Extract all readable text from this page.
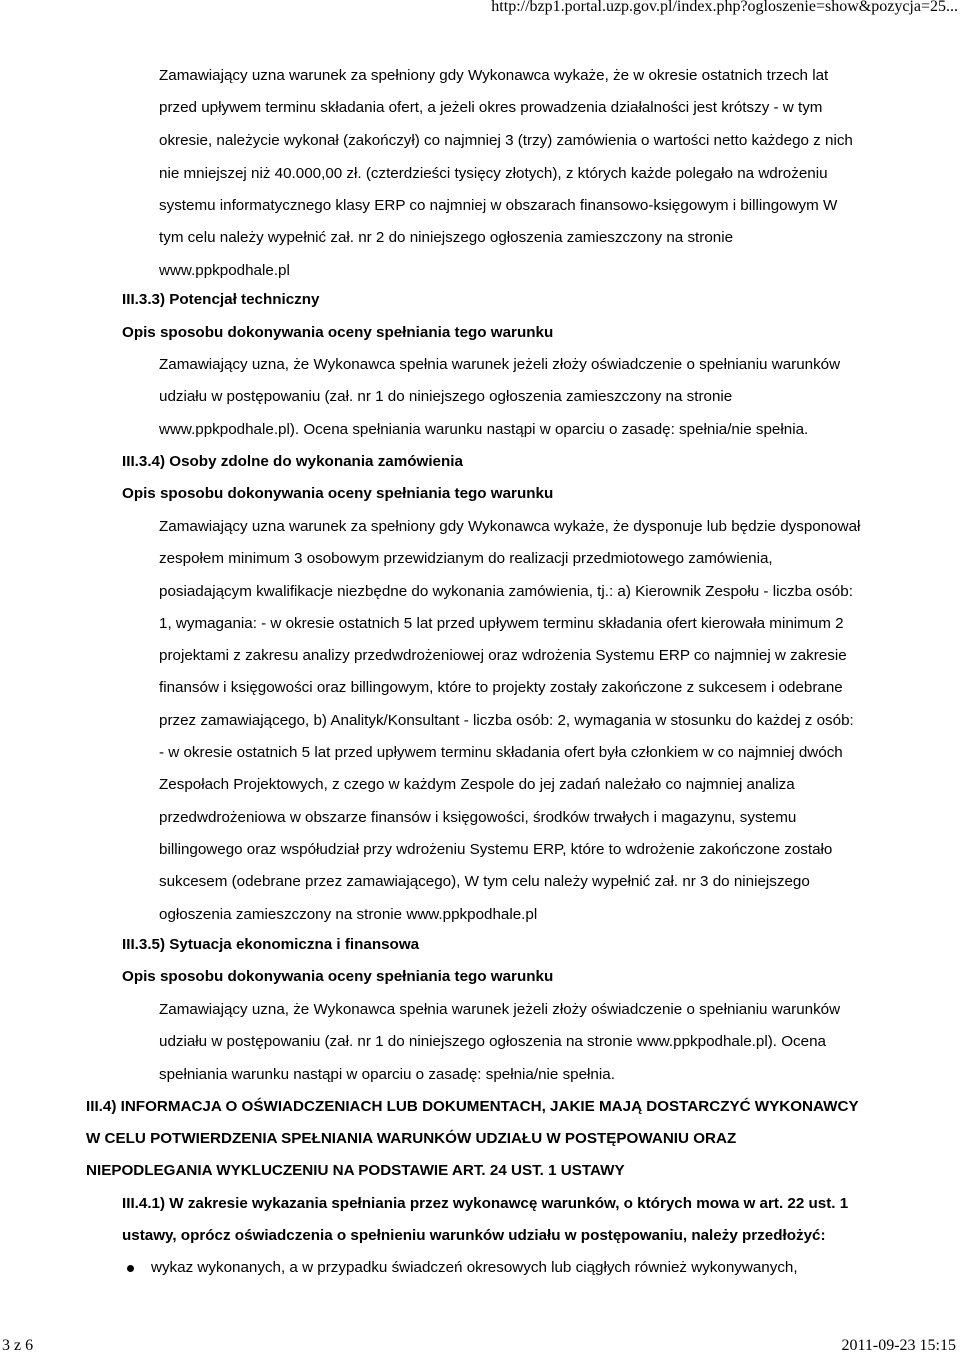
http://bzp1.portal.uzp.gov.pl/index.php?ogloszenie=show&pozycja=25...
Zamawiający uzna warunek za spełniony gdy Wykonawca wykaże, że w okresie ostatnich trzech lat
przed upływem terminu składania ofert, a jeżeli okres prowadzenia działalności jest krótszy - w tym
okresie, należycie wykonał (zakończył) co najmniej 3 (trzy) zamówienia o wartości netto każdego z nich
nie mniejszej niż 40.000,00 zł. (czterdzieści tysięcy złotych), z których każde polegało na wdrożeniu
systemu informatycznego klasy ERP co najmniej w obszarach finansowo-księgowym i billingowym W
tym celu należy wypełnić zał. nr 2 do niniejszego ogłoszenia zamieszczony na stronie
www.ppkpodhale.pl
III.3.3) Potencjał techniczny
Opis sposobu dokonywania oceny spełniania tego warunku
Zamawiający uzna, że Wykonawca spełnia warunek jeżeli złoży oświadczenie o spełnianiu warunków
udziału w postępowaniu (zał. nr 1 do niniejszego ogłoszenia zamieszczony na stronie
www.ppkpodhale.pl). Ocena spełniania warunku nastąpi w oparciu o zasadę: spełnia/nie spełnia.
III.3.4) Osoby zdolne do wykonania zamówienia
Opis sposobu dokonywania oceny spełniania tego warunku
Zamawiający uzna warunek za spełniony gdy Wykonawca wykaże, że dysponuje lub będzie dysponował
zespołem minimum 3 osobowym przewidzianym do realizacji przedmiotowego zamówienia,
posiadającym kwalifikacje niezbędne do wykonania zamówienia, tj.: a) Kierownik Zespołu - liczba osób:
1, wymagania: - w okresie ostatnich 5 lat przed upływem terminu składania ofert kierowała minimum 2
projektami z zakresu analizy przedwdrożeniowej oraz wdrożenia Systemu ERP co najmniej w zakresie
finansów i księgowości oraz billingowym, które to projekty zostały zakończone z sukcesem i odebrane
przez zamawiającego, b) Analityk/Konsultant - liczba osób: 2, wymagania w stosunku do każdej z osób:
- w okresie ostatnich 5 lat przed upływem terminu składania ofert była członkiem w co najmniej dwóch
Zespołach Projektowych, z czego w każdym Zespole do jej zadań należało co najmniej analiza
przedwdrożeniowa w obszarze finansów i księgowości, środków trwałych i magazynu, systemu
billingowego oraz współudział przy wdrożeniu Systemu ERP, które to wdrożenie zakończone zostało
sukcesem (odebrane przez zamawiającego), W tym celu należy wypełnić zał. nr 3 do niniejszego
ogłoszenia zamieszczony na stronie www.ppkpodhale.pl
III.3.5) Sytuacja ekonomiczna i finansowa
Opis sposobu dokonywania oceny spełniania tego warunku
Zamawiający uzna, że Wykonawca spełnia warunek jeżeli złoży oświadczenie o spełnianiu warunków
udziału w postępowaniu (zał. nr 1 do niniejszego ogłoszenia na stronie www.ppkpodhale.pl). Ocena
spełniania warunku nastąpi w oparciu o zasadę: spełnia/nie spełnia.
III.4) INFORMACJA O OŚWIADCZENIACH LUB DOKUMENTACH, JAKIE MAJĄ DOSTARCZYĆ WYKONAWCY
W CELU POTWIERDZENIA SPEŁNIANIA WARUNKÓW UDZIAŁU W POSTĘPOWANIU ORAZ
NIEPODLEGANIA WYKLUCZENIU NA PODSTAWIE ART. 24 UST. 1 USTAWY
III.4.1) W zakresie wykazania spełniania przez wykonawcę warunków, o których mowa w art. 22 ust. 1
ustawy, oprócz oświadczenia o spełnieniu warunków udziału w postępowaniu, należy przedłożyć:
wykaz wykonanych, a w przypadku świadczeń okresowych lub ciągłych również wykonywanych,
3 z 6	2011-09-23 15:15
